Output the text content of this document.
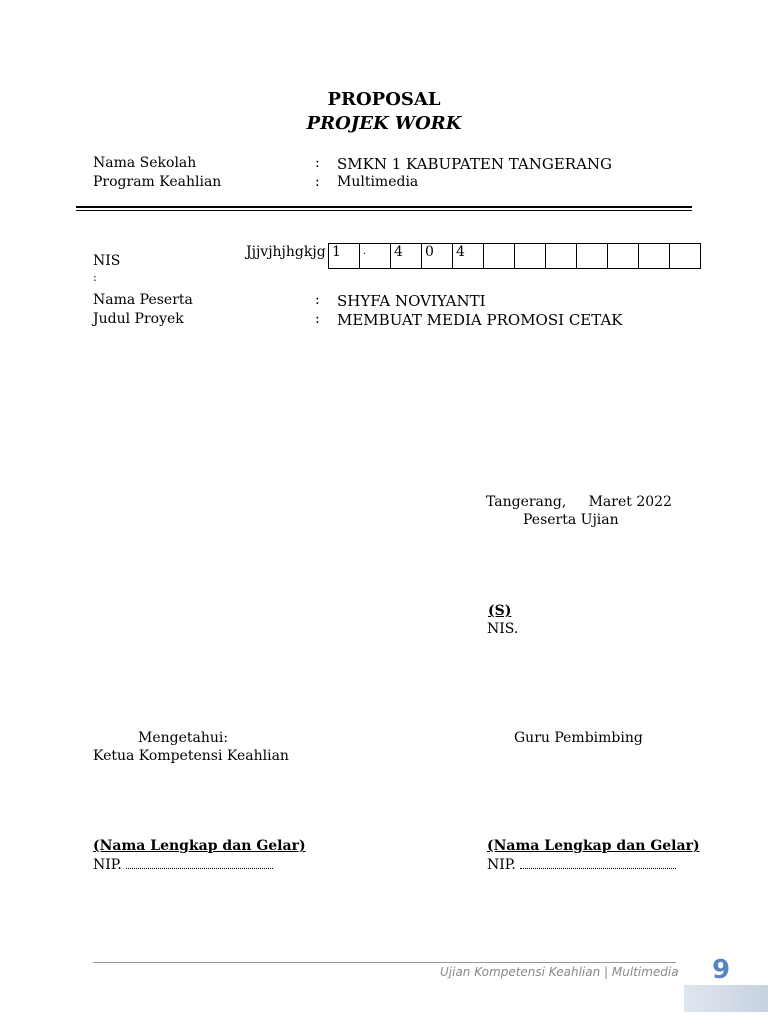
PROPOSAL
PROJEK WORK
Nama Sekolah	: SMKN 1 KABUPATEN TANGERANG
Program Keahlian	: Multimedia
NIS
:
Jjjvjhjhgkjg 1	.	4	0	4							
Nama Peserta	: SHYFA NOVIYANTI
Judul Proyek	: MEMBUAT MEDIA PROMOSI CETAK
Tangerang,     Maret 2022
Peserta Ujian
(S)
NIS.
Mengetahui:
Ketua Kompetensi Keahlian
Guru Pembimbing
(Nama Lengkap dan Gelar)	(Nama Lengkap dan Gelar)
NIP.	NIP.
Ujian Kompetensi Keahlian | Multimedia 9
